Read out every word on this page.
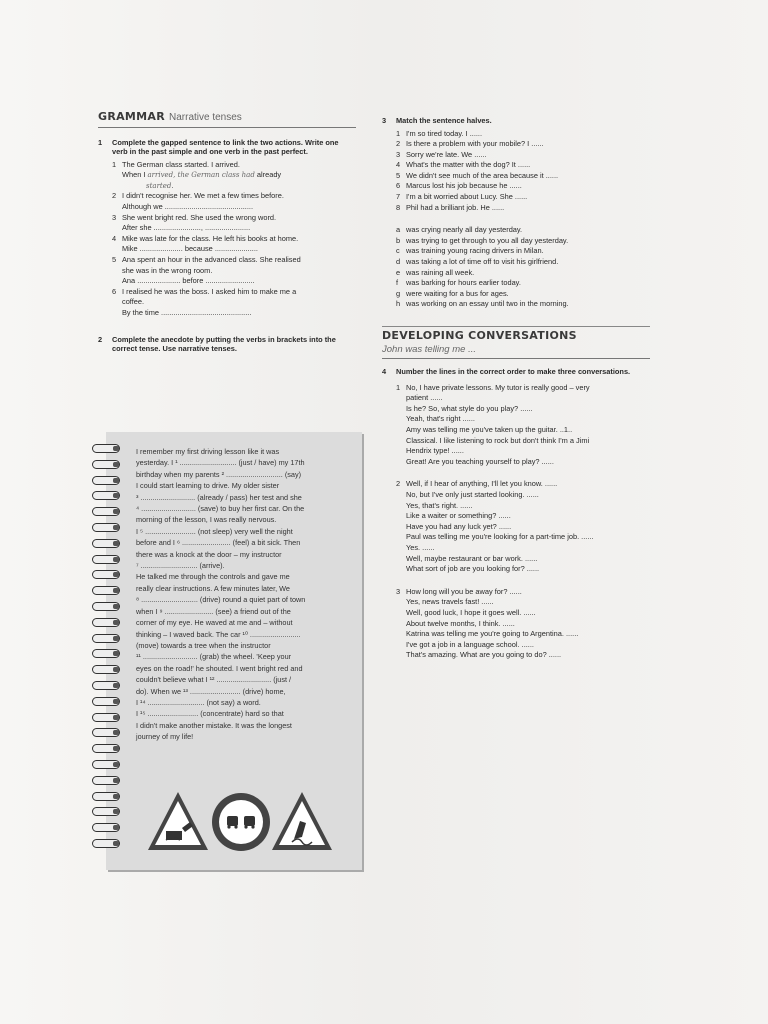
GRAMMAR Narrative tenses
1	Complete the gapped sentence to link the two actions. Write one verb in the past simple and one verb in the past perfect.
1 The German class started. I arrived.
When I arrived, the German class had already
started.
2 I didn't recognise her. We met a few times before.
Although we ...........................................
3 She went bright red. She used the wrong word.
After she ......................., ......................
4 Mike was late for the class. He left his books at home.
Mike ..................... because .....................
5 Ana spent an hour in the advanced class. She realised
she was in the wrong room.
Ana ..................... before ........................
6 I realised he was the boss. I asked him to make me a
coffee.
By the time ............................................
2	Complete the anecdote by putting the verbs in brackets into the correct tense. Use narrative tenses.
I remember my first driving lesson like it was
yesterday. I ¹ ............................ (just / have) my 17th
birthday when my parents ² ............................ (say)
I could start learning to drive. My older sister
³ ........................... (already / pass) her test and she
⁴ ........................... (save) to buy her first car. On the
morning of the lesson, I was really nervous.
I ⁵ ......................... (not sleep) very well the night
before and I ⁶ ........................ (feel) a bit sick. Then
there was a knock at the door – my instructor
⁷ ............................ (arrive).
He talked me through the controls and gave me
really clear instructions. A few minutes later, We
⁸ ............................ (drive) round a quiet part of town
when I ⁹ ........................ (see) a friend out of the
corner of my eye. He waved at me and – without
thinking – I waved back. The car ¹⁰ .........................
(move) towards a tree when the instructor
¹¹ ........................... (grab) the wheel. 'Keep your
eyes on the road!' he shouted. I went bright red and
couldn't believe what I ¹² ........................... (just /
do). When we ¹³ ......................... (drive) home,
I ¹⁴ ............................ (not say) a word.
I ¹⁵ ......................... (concentrate) hard so that
I didn't make another mistake. It was the longest
journey of my life!
3	Match the sentence halves.
1 I'm so tired today. I ......
2 Is there a problem with your mobile? I ......
3 Sorry we're late. We ......
4 What's the matter with the dog? It ......
5 We didn't see much of the area because it ......
6 Marcus lost his job because he ......
7 I'm a bit worried about Lucy. She ......
8 Phil had a brilliant job. He ......
a was crying nearly all day yesterday.
b was trying to get through to you all day yesterday.
c was training young racing drivers in Milan.
d was taking a lot of time off to visit his girlfriend.
e was raining all week.
f	was barking for hours earlier today.
g were waiting for a bus for ages.
h was working on an essay until two in the morning.
DEVELOPING CONVERSATIONS
John was telling me ...
4	Number the lines in the correct order to make three conversations.
1 No, I have private lessons. My tutor is really good – very
patient ......
Is he? So, what style do you play? ......
Yeah, that's right ......
Amy was telling me you've taken up the guitar. ..1..
Classical. I like listening to rock but don't think I'm a Jimi
Hendrix type! ......
Great! Are you teaching yourself to play? ......
2 Well, if I hear of anything, I'll let you know. ......
No, but I've only just started looking. ......
Yes, that's right. ......
Like a waiter or something? ......
Have you had any luck yet? ......
Paul was telling me you're looking for a part-time job. ......
Yes. ......
Well, maybe restaurant or bar work. ......
What sort of job are you looking for? ......
3 How long will you be away for? ......
Yes, news travels fast! ......
Well, good luck, I hope it goes well. ......
About twelve months, I think. ......
Katrina was telling me you're going to Argentina. ......
I've got a job in a language school. ......
That's amazing. What are you going to do? ......
